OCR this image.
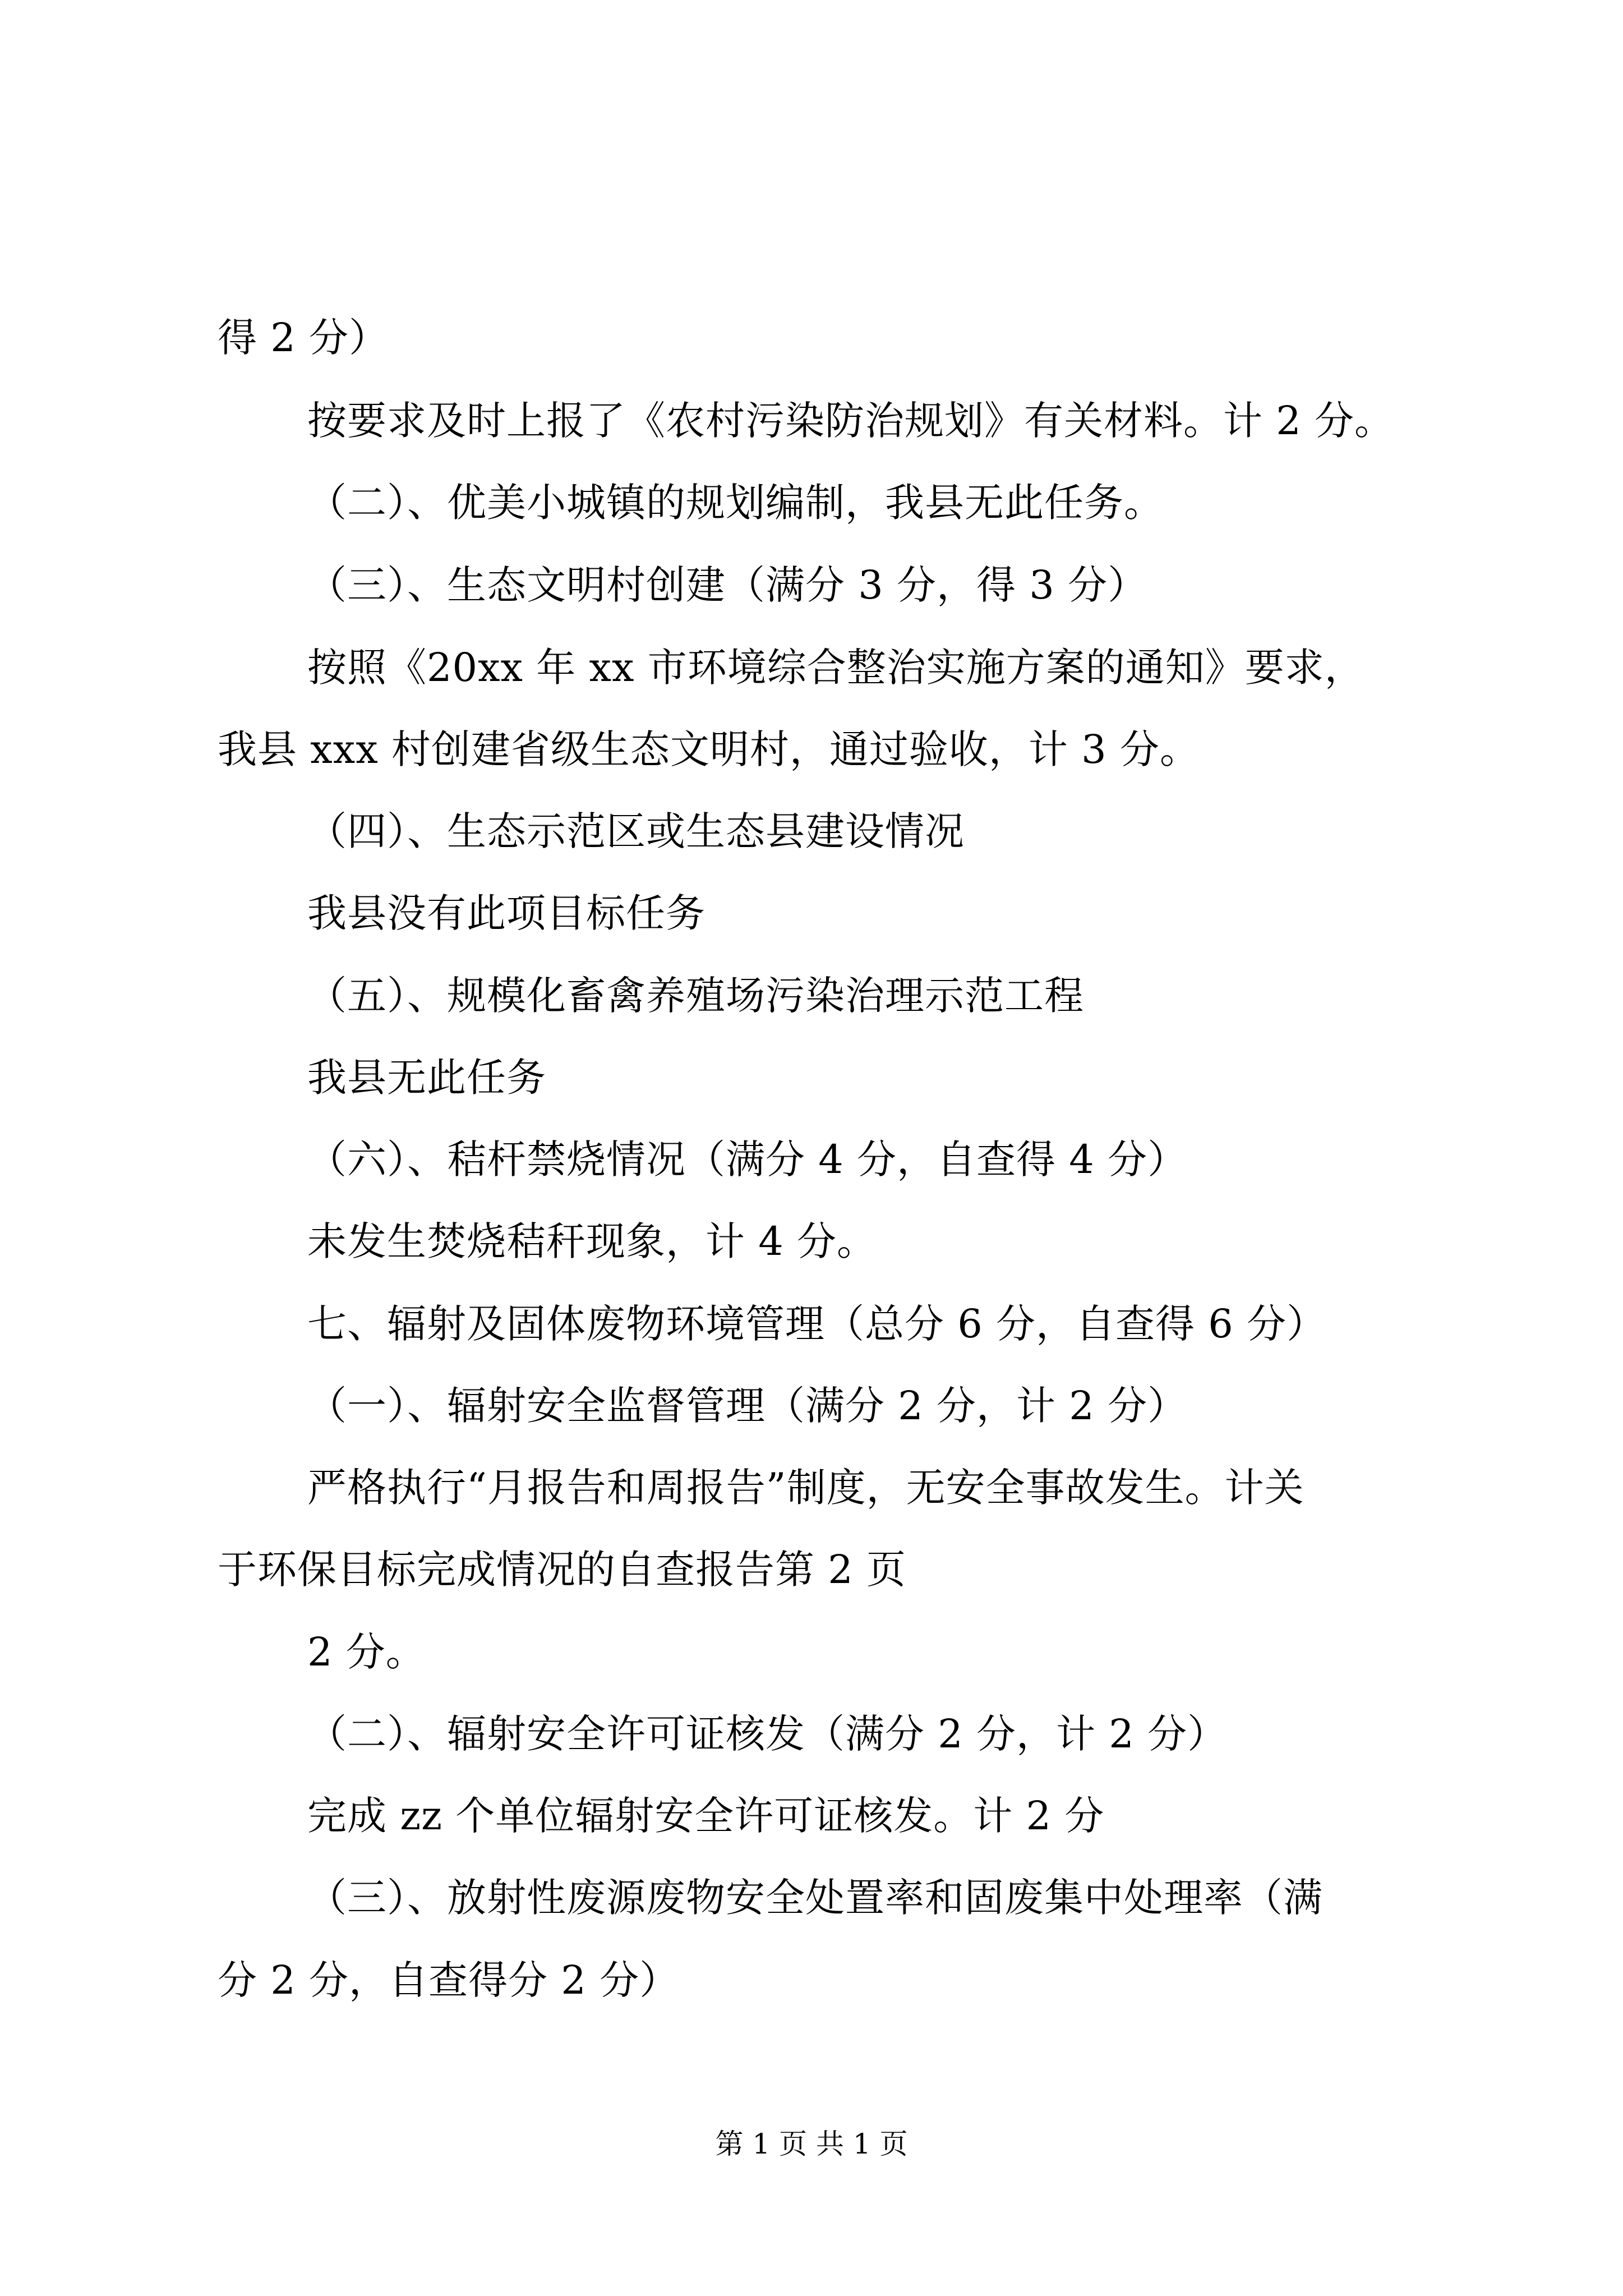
得 2 分）
按要求及时上报了《农村污染防治规划》有关材料。计 2 分。
（二）、优美小城镇的规划编制，我县无此任务。
（三）、生态文明村创建（满分 3 分，得 3 分）
按照《20xx 年 xx 市环境综合整治实施方案的通知》要求，
我县 xxx 村创建省级生态文明村，通过验收，计 3 分。
（四）、生态示范区或生态县建设情况
我县没有此项目标任务
（五）、规模化畜禽养殖场污染治理示范工程
我县无此任务
（六）、秸杆禁烧情况（满分 4 分，自查得 4 分）
未发生焚烧秸秆现象，计 4 分。
七、辐射及固体废物环境管理（总分 6 分，自查得 6 分）
（一）、辐射安全监督管理（满分 2 分，计 2 分）
严格执行“月报告和周报告”制度，无安全事故发生。计关
于环保目标完成情况的自查报告第 2 页
2 分。
（二）、辐射安全许可证核发（满分 2 分，计 2 分）
完成 zz 个单位辐射安全许可证核发。计 2 分
（三）、放射性废源废物安全处置率和固废集中处理率（满
分 2 分，自查得分 2 分）
第 1 页 共 1 页
